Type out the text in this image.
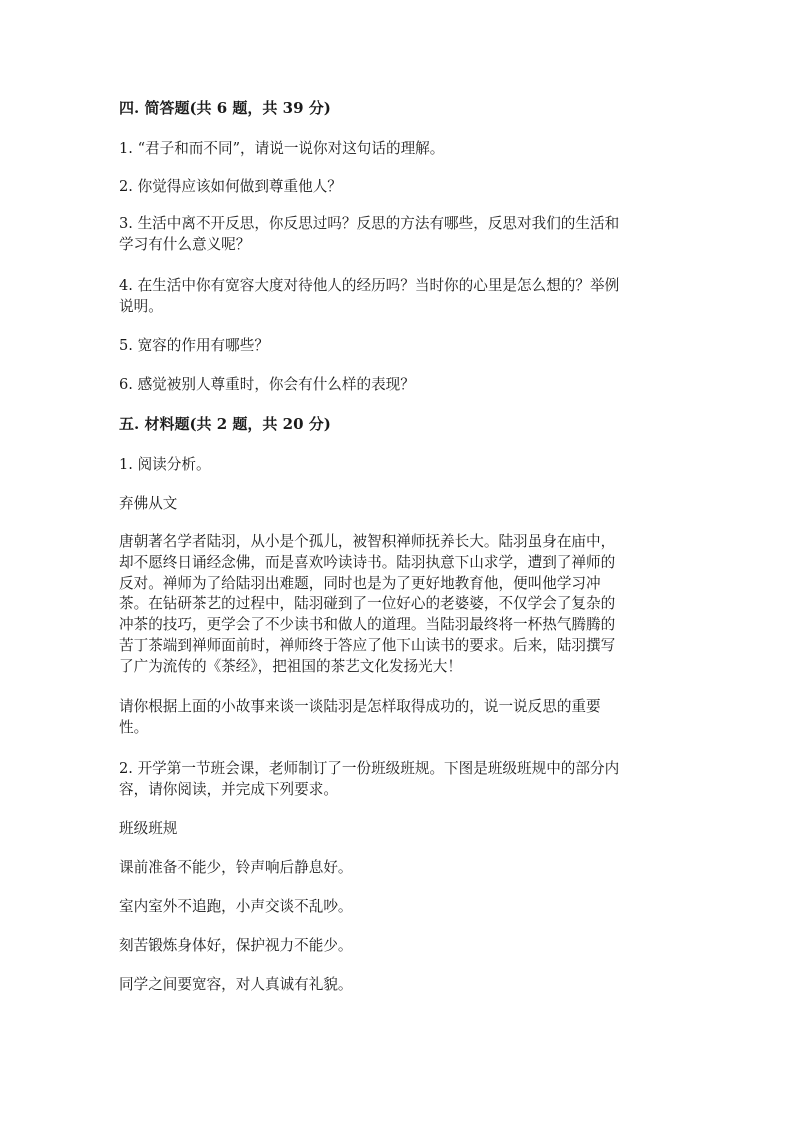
四. 简答题(共 6 题，共 39 分)
1. “君子和而不同”，请说一说你对这句话的理解。
2. 你觉得应该如何做到尊重他人？
3. 生活中离不开反思，你反思过吗？反思的方法有哪些，反思对我们的生活和
学习有什么意义呢？
4. 在生活中你有宽容大度对待他人的经历吗？当时你的心里是怎么想的？举例
说明。
5. 宽容的作用有哪些？
6. 感觉被别人尊重时，你会有什么样的表现？
五. 材料题(共 2 题，共 20 分)
1. 阅读分析。
弃佛从文
唐朝著名学者陆羽，从小是个孤儿，被智积禅师抚养长大。陆羽虽身在庙中，
却不愿终日诵经念佛，而是喜欢吟读诗书。陆羽执意下山求学，遭到了禅师的
反对。禅师为了给陆羽出难题，同时也是为了更好地教育他，便叫他学习冲
茶。在钻研茶艺的过程中，陆羽碰到了一位好心的老婆婆，不仅学会了复杂的
冲茶的技巧，更学会了不少读书和做人的道理。当陆羽最终将一杯热气腾腾的
苦丁茶端到禅师面前时，禅师终于答应了他下山读书的要求。后来，陆羽撰写
了广为流传的《茶经》，把祖国的茶艺文化发扬光大！
请你根据上面的小故事来谈一谈陆羽是怎样取得成功的，说一说反思的重要
性。
2. 开学第一节班会课，老师制订了一份班级班规。下图是班级班规中的部分内
容，请你阅读，并完成下列要求。
班级班规
课前准备不能少，铃声响后静息好。
室内室外不追跑，小声交谈不乱吵。
刻苦锻炼身体好，保护视力不能少。
同学之间要宽容，对人真诚有礼貌。
